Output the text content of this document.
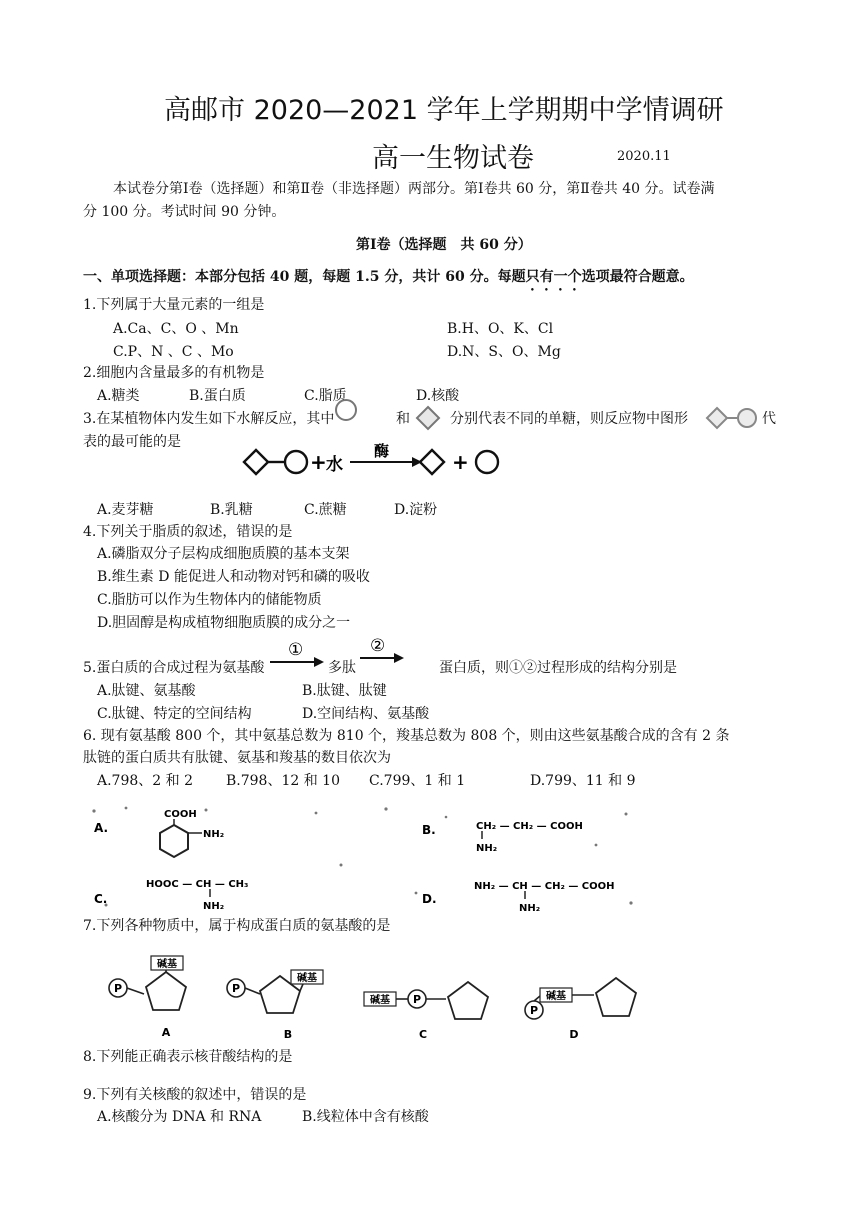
高邮市 2020—2021 学年上学期期中学情调研
高一生物试卷	2020.11
本试卷分第Ⅰ卷（选择题）和第Ⅱ卷（非选择题）两部分。第Ⅰ卷共 60 分，第Ⅱ卷共 40 分。试卷满
分 100 分。考试时间 90 分钟。
第Ⅰ卷（选择题　共 60 分）
一、单项选择题：本部分包括 40 题，每题 1.5 分，共计 60 分。每题只有一个选项最符合题意。
1.下列属于大量元素的一组是
A.Ca、C、O 、Mn	B.H、O、K、Cl
C.P、N 、C 、Mo	D.N、S、O、Mg
2.细胞内含量最多的有机物是
A.糖类	B.蛋白质	C.脂质	D.核酸
3.在某植物体内发生如下水解反应，其中	和	分别代表不同的单糖，则反应物中图形	代
表的最可能的是
+ 水
酶	+
A.麦芽糖	B.乳糖	C.蔗糖	D.淀粉
4.下列关于脂质的叙述，错误的是
A.磷脂双分子层构成细胞质膜的基本支架
B.维生素 D 能促进人和动物对钙和磷的吸收
C.脂肪可以作为生物体内的储能物质
D.胆固醇是构成植物细胞质膜的成分之一
5.蛋白质的合成过程为氨基酸
①
多肽
②
蛋白质，则①②过程形成的结构分别是
A.肽键、氨基酸	B.肽键、肽键
C.肽键、特定的空间结构	D.空间结构、氨基酸
6. 现有氨基酸 800 个，其中氨基总数为 810 个，羧基总数为 808 个，则由这些氨基酸合成的含有 2 条
肽链的蛋白质共有肽键、氨基和羧基的数目依次为
A.798、2 和 2 B.798、12 和 10 C.799、1 和 1	D.799、11 和 9
A.
COOH
NH₂	B.	CH₂ — CH₂ — COOH
NH₂
C.
HOOC — CH — CH₃
NH₂
D.
NH₂ — CH — CH₂ — COOH
NH₂
7.下列各种物质中，属于构成蛋白质的氨基酸的是
P
碱基
A
P
碱基
B
碱基 P
C
P
碱基
D
8.下列能正确表示核苷酸结构的是
9.下列有关核酸的叙述中，错误的是
A.核酸分为 DNA 和 RNA	B.线粒体中含有核酸
